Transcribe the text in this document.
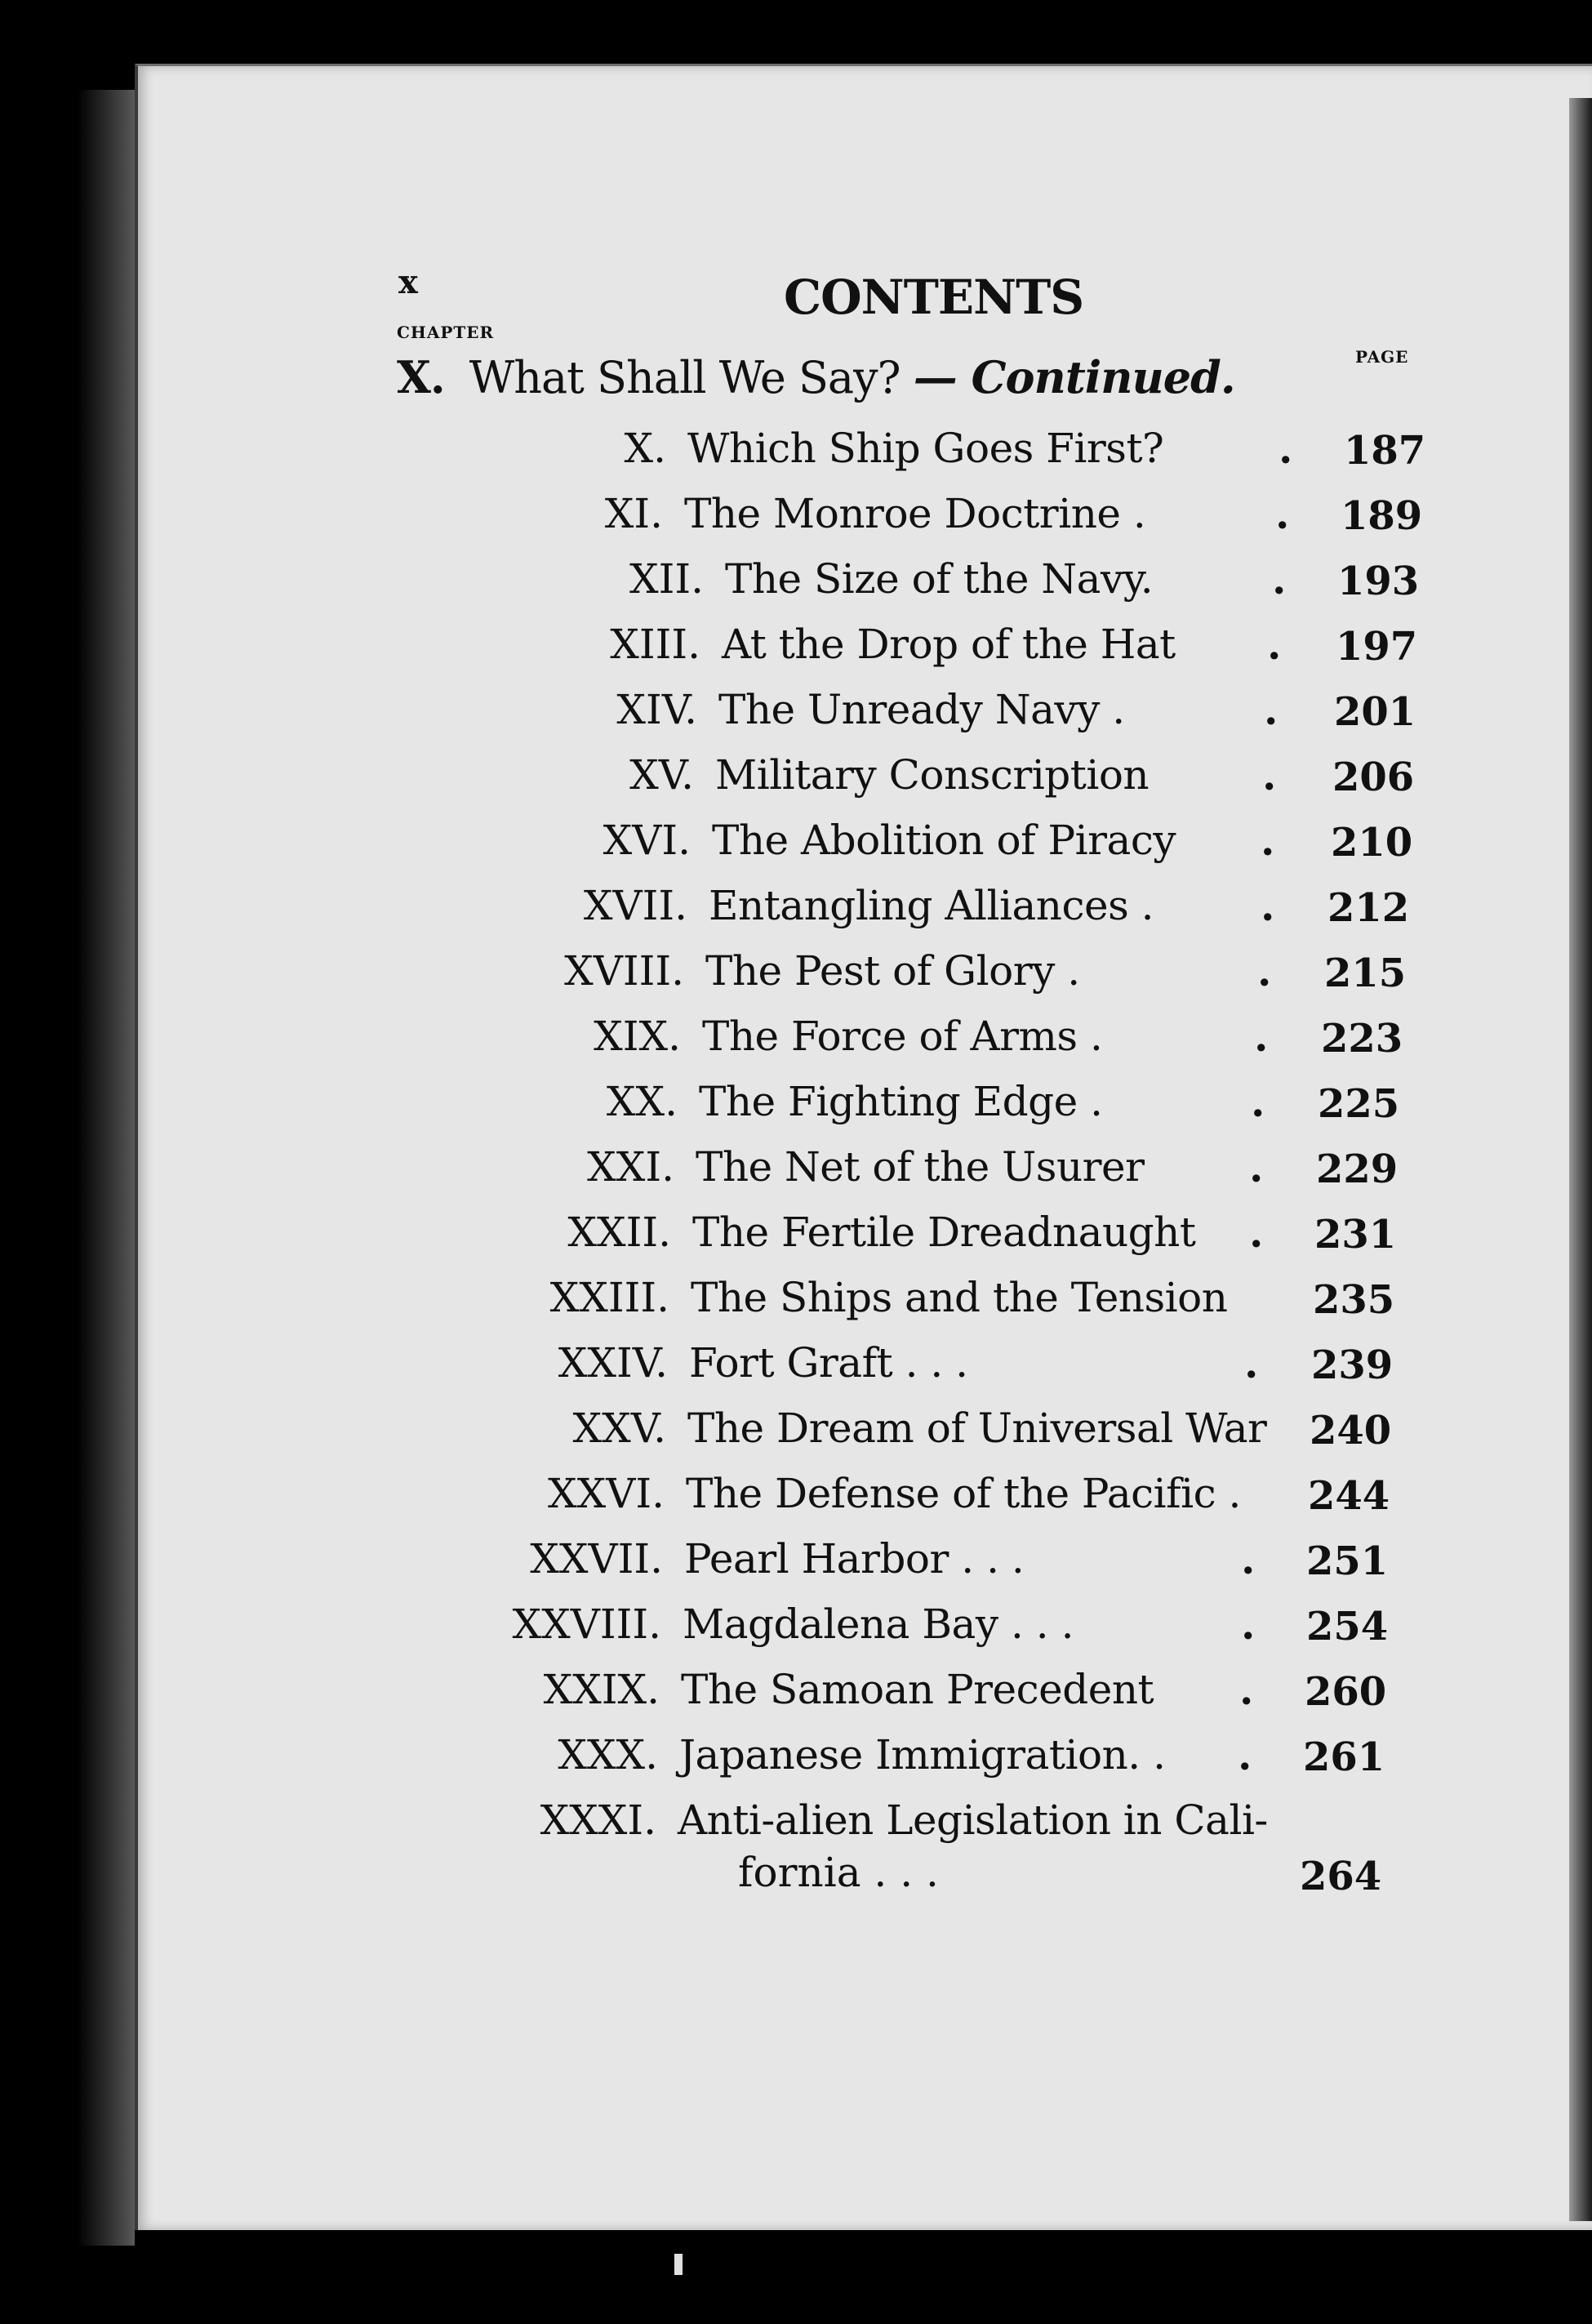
x	CONTENTS
CHAPTER
PAGE
X. What Shall We Say? — Continued.
X. Which Ship Goes First?	. 187
XI. The Monroe Doctrine .	. 189
XII. The Size of the Navy.	. 193
XIII. At the Drop of the Hat . 197
XIV. The Unready Navy .	. 201
XV. Military Conscription	. 206
XVI. The Abolition of Piracy . 210
XVII. Entangling Alliances .	. 212
XVIII. The Pest of Glory .	. 215
XIX. The Force of Arms .	. 223
XX. The Fighting Edge .	. 225
XXI. The Net of the Usurer	. 229
XXII. The Fertile Dreadnaught . 231
XXIII. The Ships and the Tension 235
XXIV. Fort Graft . . .	. 239
XXV. The Dream of Universal War 240
XXVI. The Defense of the Pacific . 244
XXVII. Pearl Harbor . . .	. 251
XXVIII. Magdalena Bay . . .	. 254
XXIX. The Samoan Precedent . 260
XXX. Japanese Immigration. . . 261
XXXI. Anti-alien Legislation in Cali-
fornia . . .	264
